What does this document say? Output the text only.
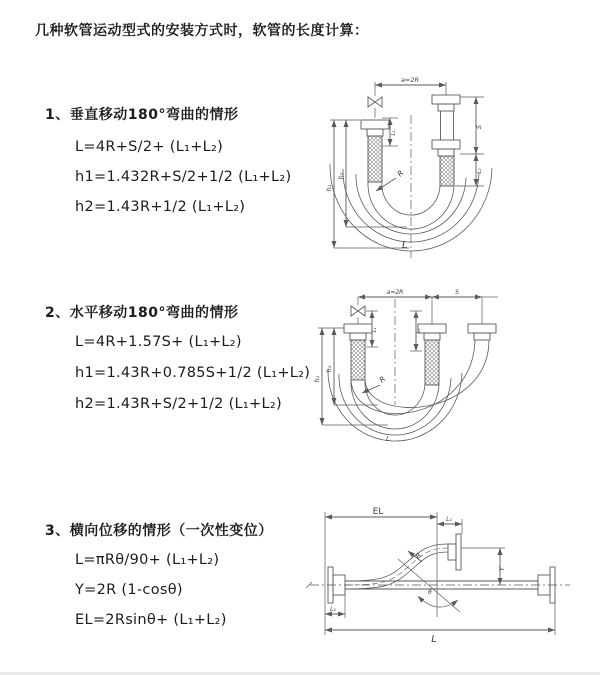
几种软管运动型式的安装方式时，软管的长度计算：
1、垂直移动180°弯曲的情形
L=4R+S/2+ (L₁+L₂)
h1=1.432R+S/2+1/2 (L₁+L₂)
h2=1.43R+1/2 (L₁+L₂)
a=2R
h₁
h₂
L₁
S
L₂
R
L
2、水平移动180°弯曲的情形
L=4R+1.57S+ (L₁+L₂)
h1=1.43R+0.785S+1/2 (L₁+L₂)
h2=1.43R+S/2+1/2 (L₁+L₂)
a=2R	S
h₁
h₂
L₁	L₂
R
L
3、横向位移的情形（一次性变位）
L=πRθ/90+ (L₁+L₂)
Y=2R (1-cosθ)
EL=2Rsinθ+ (L₁+L₂)
EL
L₂
Y
R
θ
L₁
L
